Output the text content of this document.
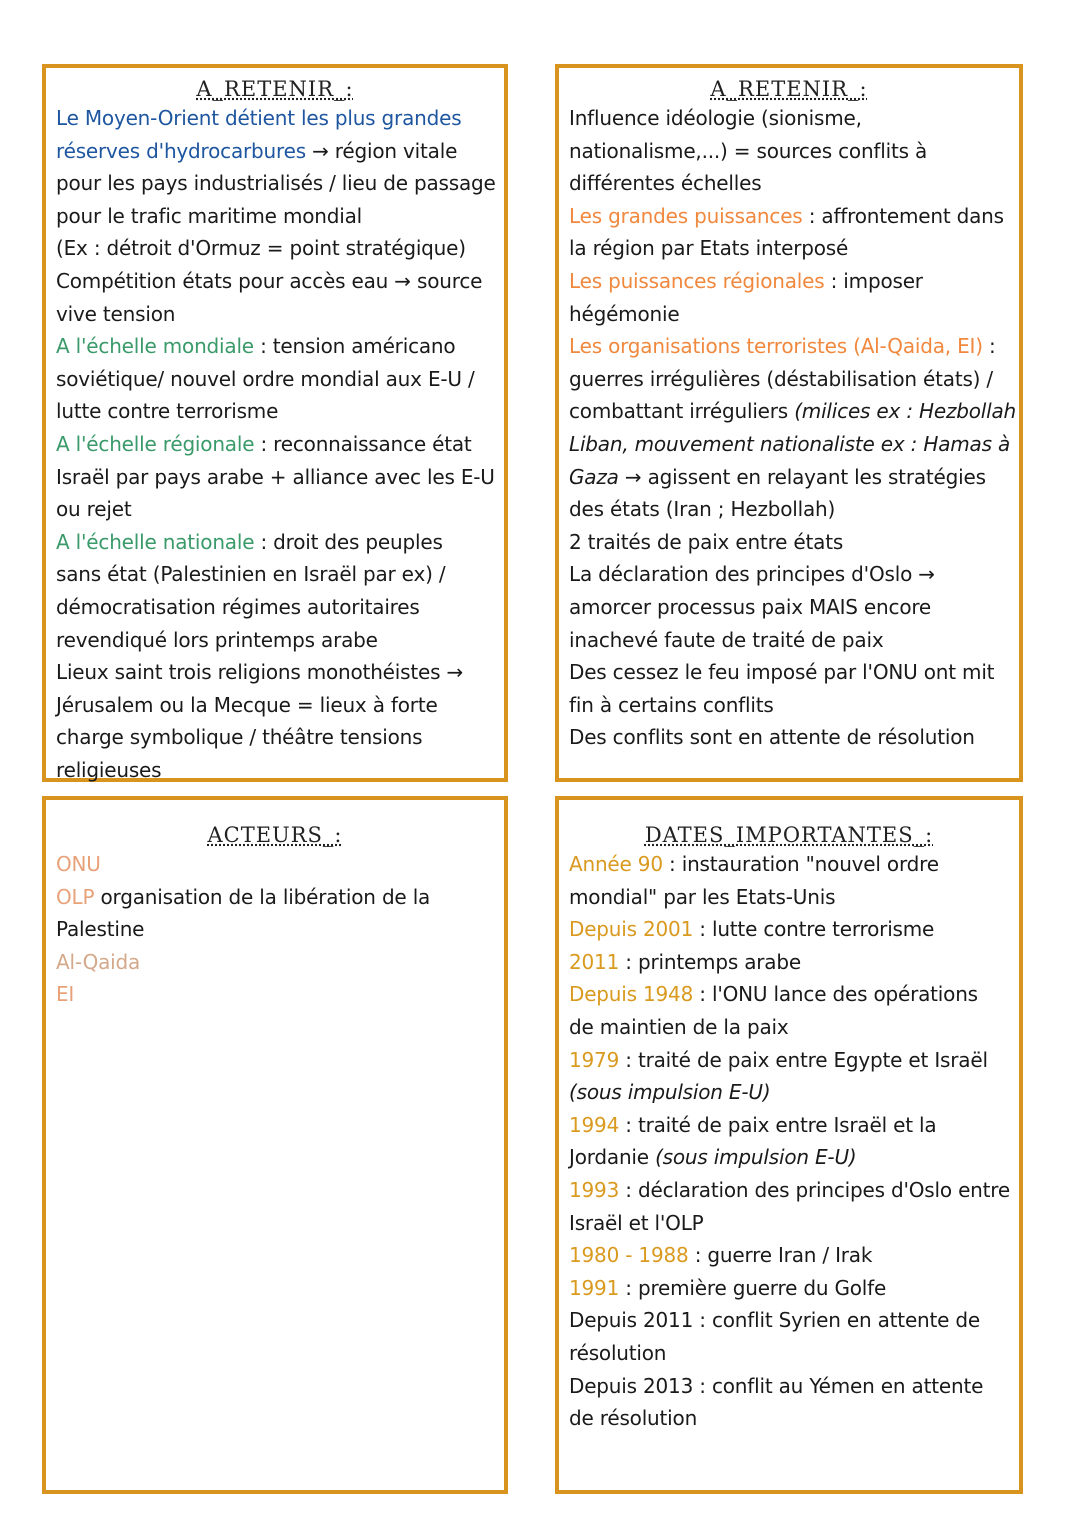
A_RETENIR_:
Le Moyen-Orient détient les plus grandes
réserves d'hydrocarbures → région vitale
pour les pays industrialisés / lieu de passage
pour le trafic maritime mondial
(Ex : détroit d'Ormuz = point stratégique)
Compétition états pour accès eau → source
vive tension
A l'échelle mondiale : tension américano
soviétique/ nouvel ordre mondial aux E-U /
lutte contre terrorisme
A l'échelle régionale : reconnaissance état
Israël par pays arabe + alliance avec les E-U
ou rejet
A l'échelle nationale : droit des peuples
sans état (Palestinien en Israël par ex) /
démocratisation régimes autoritaires
revendiqué lors printemps arabe
Lieux saint trois religions monothéistes →
Jérusalem ou la Mecque = lieux à forte
charge symbolique / théâtre tensions
religieuses
A_RETENIR_:
Influence idéologie (sionisme,
nationalisme,...) = sources conflits à
différentes échelles
Les grandes puissances : affrontement dans
la région par Etats interposé
Les puissances régionales : imposer
hégémonie
Les organisations terroristes (Al-Qaida, EI) :
guerres irrégulières (déstabilisation états) /
combattant irréguliers (milices ex : Hezbollah
Liban, mouvement nationaliste ex : Hamas à
Gaza → agissent en relayant les stratégies
des états (Iran ; Hezbollah)
2 traités de paix entre états
La déclaration des principes d'Oslo →
amorcer processus paix MAIS encore
inachevé faute de traité de paix
Des cessez le feu imposé par l'ONU ont mit
fin à certains conflits
Des conflits sont en attente de résolution
ACTEURS_:
ONU
OLP organisation de la libération de la
Palestine
Al-Qaida
EI
DATES_IMPORTANTES_:
Année 90 : instauration "nouvel ordre
mondial" par les Etats-Unis
Depuis 2001 : lutte contre terrorisme
2011 : printemps arabe
Depuis 1948 : l'ONU lance des opérations
de maintien de la paix
1979 : traité de paix entre Egypte et Israël
(sous impulsion E-U)
1994 : traité de paix entre Israël et la
Jordanie (sous impulsion E-U)
1993 : déclaration des principes d'Oslo entre
Israël et l'OLP
1980 - 1988 : guerre Iran / Irak
1991 : première guerre du Golfe
Depuis 2011 : conflit Syrien en attente de
résolution
Depuis 2013 : conflit au Yémen en attente
de résolution
